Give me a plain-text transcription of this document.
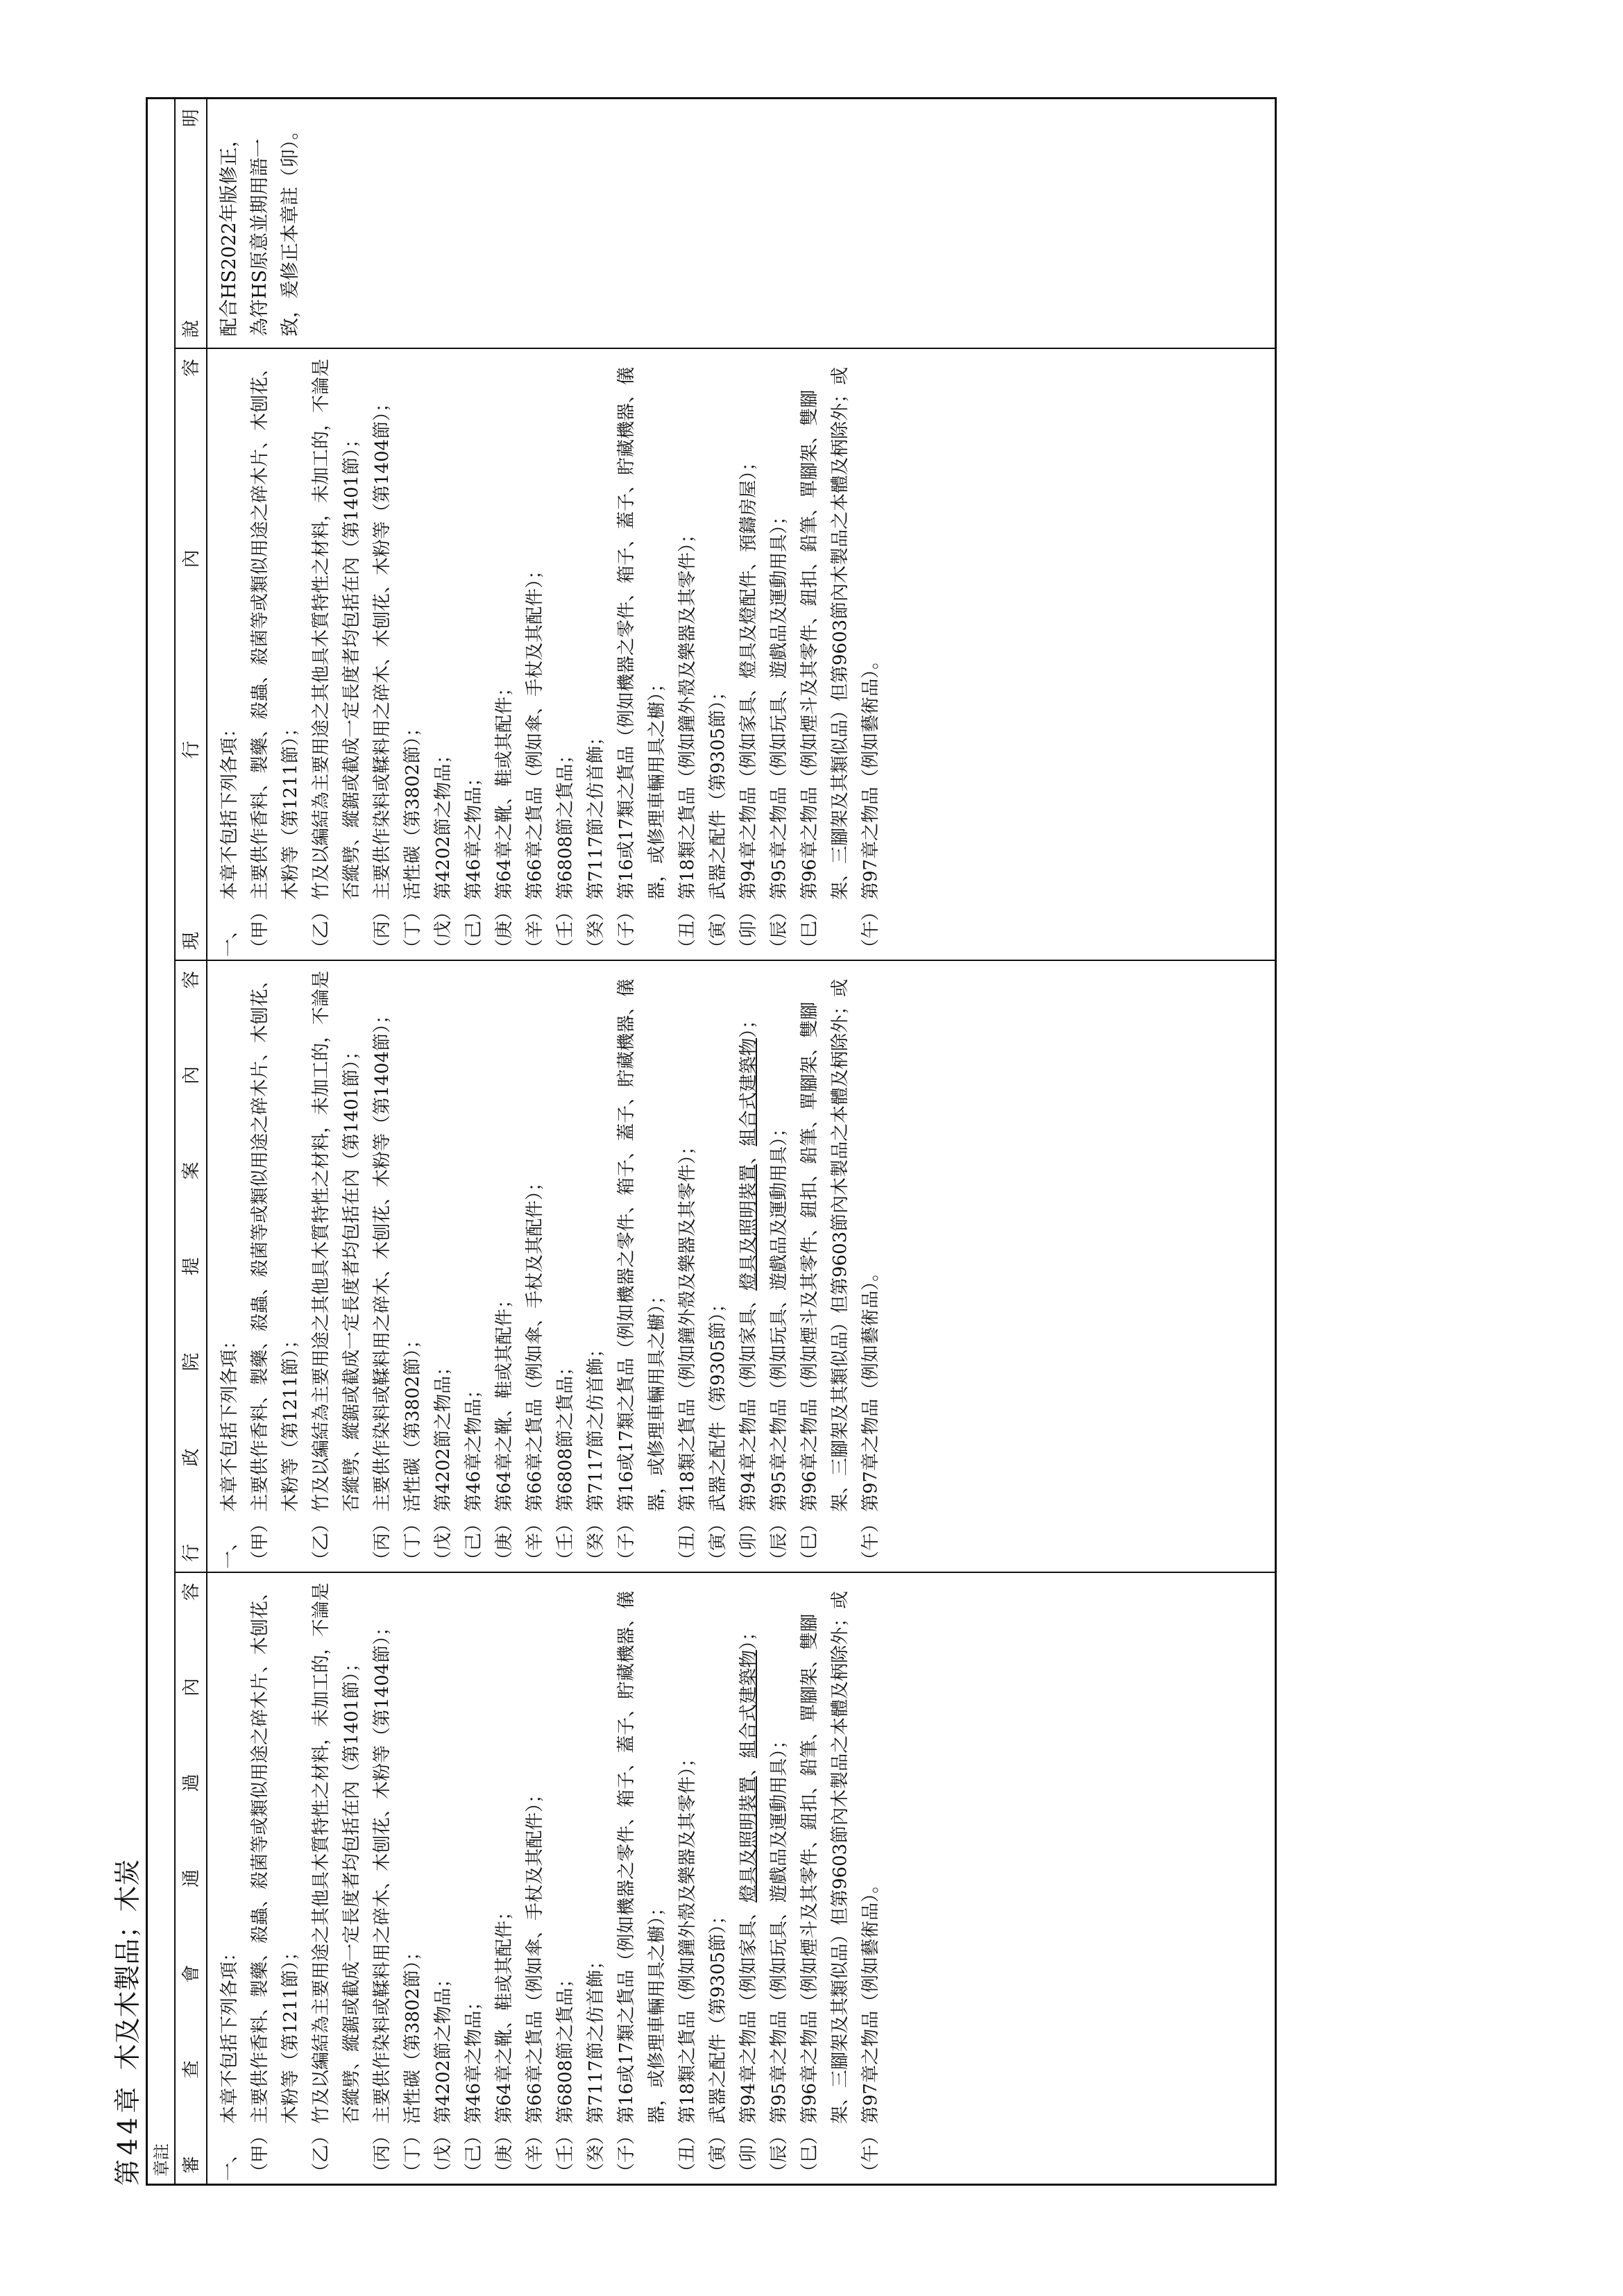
第44章木及木製品；木炭
章註 審
查
會
通
過
內
容
行
政
院
提
案
內
容
現
行
內
容
說
明
一、
本章不包括下列各項：
（甲）
主要供作香料、製藥、殺蟲、殺菌等或類似用途之碎木片、木刨花、木粉等（第1211節）；
（乙）
竹及以編結為主要用途之其他具木質特性之材料，未加工的，不論是否縱劈、縱鋸或截成一定長度者均包括在內（第1401節）；
（丙）
主要供作染料或鞣料用之碎木、木刨花、木粉等（第1404節）；
（丁）
活性碳（第3802節）；
（戊）
第4202節之物品；
（己）
第46章之物品；
（庚）
第64章之靴、鞋或其配件；
（辛）
第66章之貨品（例如傘、手杖及其配件）；
（壬）
第6808節之貨品；
（癸）
第7117節之仿首飾；
（子）
第16或17類之貨品（例如機器之零件、箱子、蓋子、貯藏機器、儀器，或修理車輛用具之櫥）；
（丑）
第18類之貨品（例如鐘外殼及樂器及其零件）；
（寅）
武器之配件（第9305節）；
（卯）
第94章之物品（例如家具、燈具及照明裝置、組合式建築物）；
（辰）
第95章之物品（例如玩具、遊戲品及運動用具）；
（巳）
第96章之物品（例如煙斗及其零件、鈕扣、鉛筆、單腳架、雙腳架、三腳架及其類似品）但第9603節內木製品之本體及柄除外；或
（午）
第97章之物品（例如藝術品）。
一、
本章不包括下列各項：
（甲）
主要供作香料、製藥、殺蟲、殺菌等或類似用途之碎木片、木刨花、木粉等（第1211節）；
（乙）
竹及以編結為主要用途之其他具木質特性之材料，未加工的，不論是否縱劈、縱鋸或截成一定長度者均包括在內（第1401節）；
（丙）
主要供作染料或鞣料用之碎木、木刨花、木粉等（第1404節）；
（丁）
活性碳（第3802節）；
（戊）
第4202節之物品；
（己）
第46章之物品；
（庚）
第64章之靴、鞋或其配件；
（辛）
第66章之貨品（例如傘、手杖及其配件）；
（壬）
第6808節之貨品；
（癸）
第7117節之仿首飾；
（子）
第16或17類之貨品（例如機器之零件、箱子、蓋子、貯藏機器、儀器，或修理車輛用具之櫥）；
（丑）
第18類之貨品（例如鐘外殼及樂器及其零件）；
（寅）
武器之配件（第9305節）；
（卯）
第94章之物品（例如家具、燈具及照明裝置、組合式建築物）；
（辰）
第95章之物品（例如玩具、遊戲品及運動用具）；
（巳）
第96章之物品（例如煙斗及其零件、鈕扣、鉛筆、單腳架、雙腳架、三腳架及其類似品）但第9603節內木製品之本體及柄除外；或
（午）
第97章之物品（例如藝術品）。
一、
本章不包括下列各項：
（甲）
主要供作香料、製藥、殺蟲、殺菌等或類似用途之碎木片、木刨花、木粉等（第1211節）；
（乙）
竹及以編結為主要用途之其他具木質特性之材料，未加工的，不論是否縱劈、縱鋸或截成一定長度者均包括在內（第1401節）；
（丙）
主要供作染料或鞣料用之碎木、木刨花、木粉等（第1404節）；
（丁）
活性碳（第3802節）；
（戊）
第4202節之物品；
（己）
第46章之物品；
（庚）
第64章之靴、鞋或其配件；
（辛）
第66章之貨品（例如傘、手杖及其配件）；
（壬）
第6808節之貨品；
（癸）
第7117節之仿首飾；
（子）
第16或17類之貨品（例如機器之零件、箱子、蓋子、貯藏機器、儀器，或修理車輛用具之櫥）；
（丑）
第18類之貨品（例如鐘外殼及樂器及其零件）；
（寅）
武器之配件（第9305節）；
（卯）
第94章之物品（例如家具、燈具及燈配件、預鑄房屋）；
（辰）
第95章之物品（例如玩具、遊戲品及運動用具）；
（巳）
第96章之物品（例如煙斗及其零件、鈕扣、鉛筆、單腳架、雙腳架、三腳架及其類似品）但第9603節內木製品之本體及柄除外；或
（午）
第97章之物品（例如藝術品）。
配合HS2022年版修正，為符HS原意並期用語一致，爰修正本章註（卯）。
